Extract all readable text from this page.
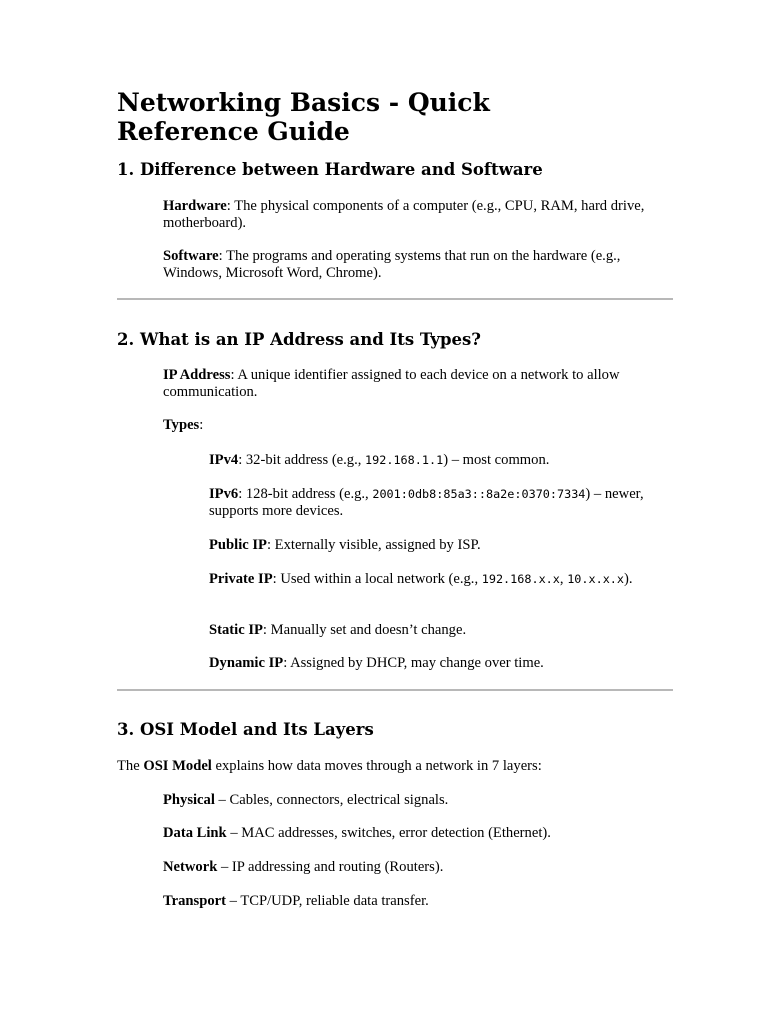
Networking Basics - Quick Reference Guide
1. Difference between Hardware and Software
Hardware: The physical components of a computer (e.g., CPU, RAM, hard drive, motherboard).
Software: The programs and operating systems that run on the hardware (e.g., Windows, Microsoft Word, Chrome).
2. What is an IP Address and Its Types?
IP Address: A unique identifier assigned to each device on a network to allow communication.
Types:
IPv4: 32-bit address (e.g., 192.168.1.1) – most common.
IPv6: 128-bit address (e.g., 2001:0db8:85a3::8a2e:0370:7334) – newer, supports more devices.
Public IP: Externally visible, assigned by ISP.
Private IP: Used within a local network (e.g., 192.168.x.x, 10.x.x.x).
Static IP: Manually set and doesn’t change.
Dynamic IP: Assigned by DHCP, may change over time.
3. OSI Model and Its Layers
The OSI Model explains how data moves through a network in 7 layers:
Physical – Cables, connectors, electrical signals.
Data Link – MAC addresses, switches, error detection (Ethernet).
Network – IP addressing and routing (Routers).
Transport – TCP/UDP, reliable data transfer.
